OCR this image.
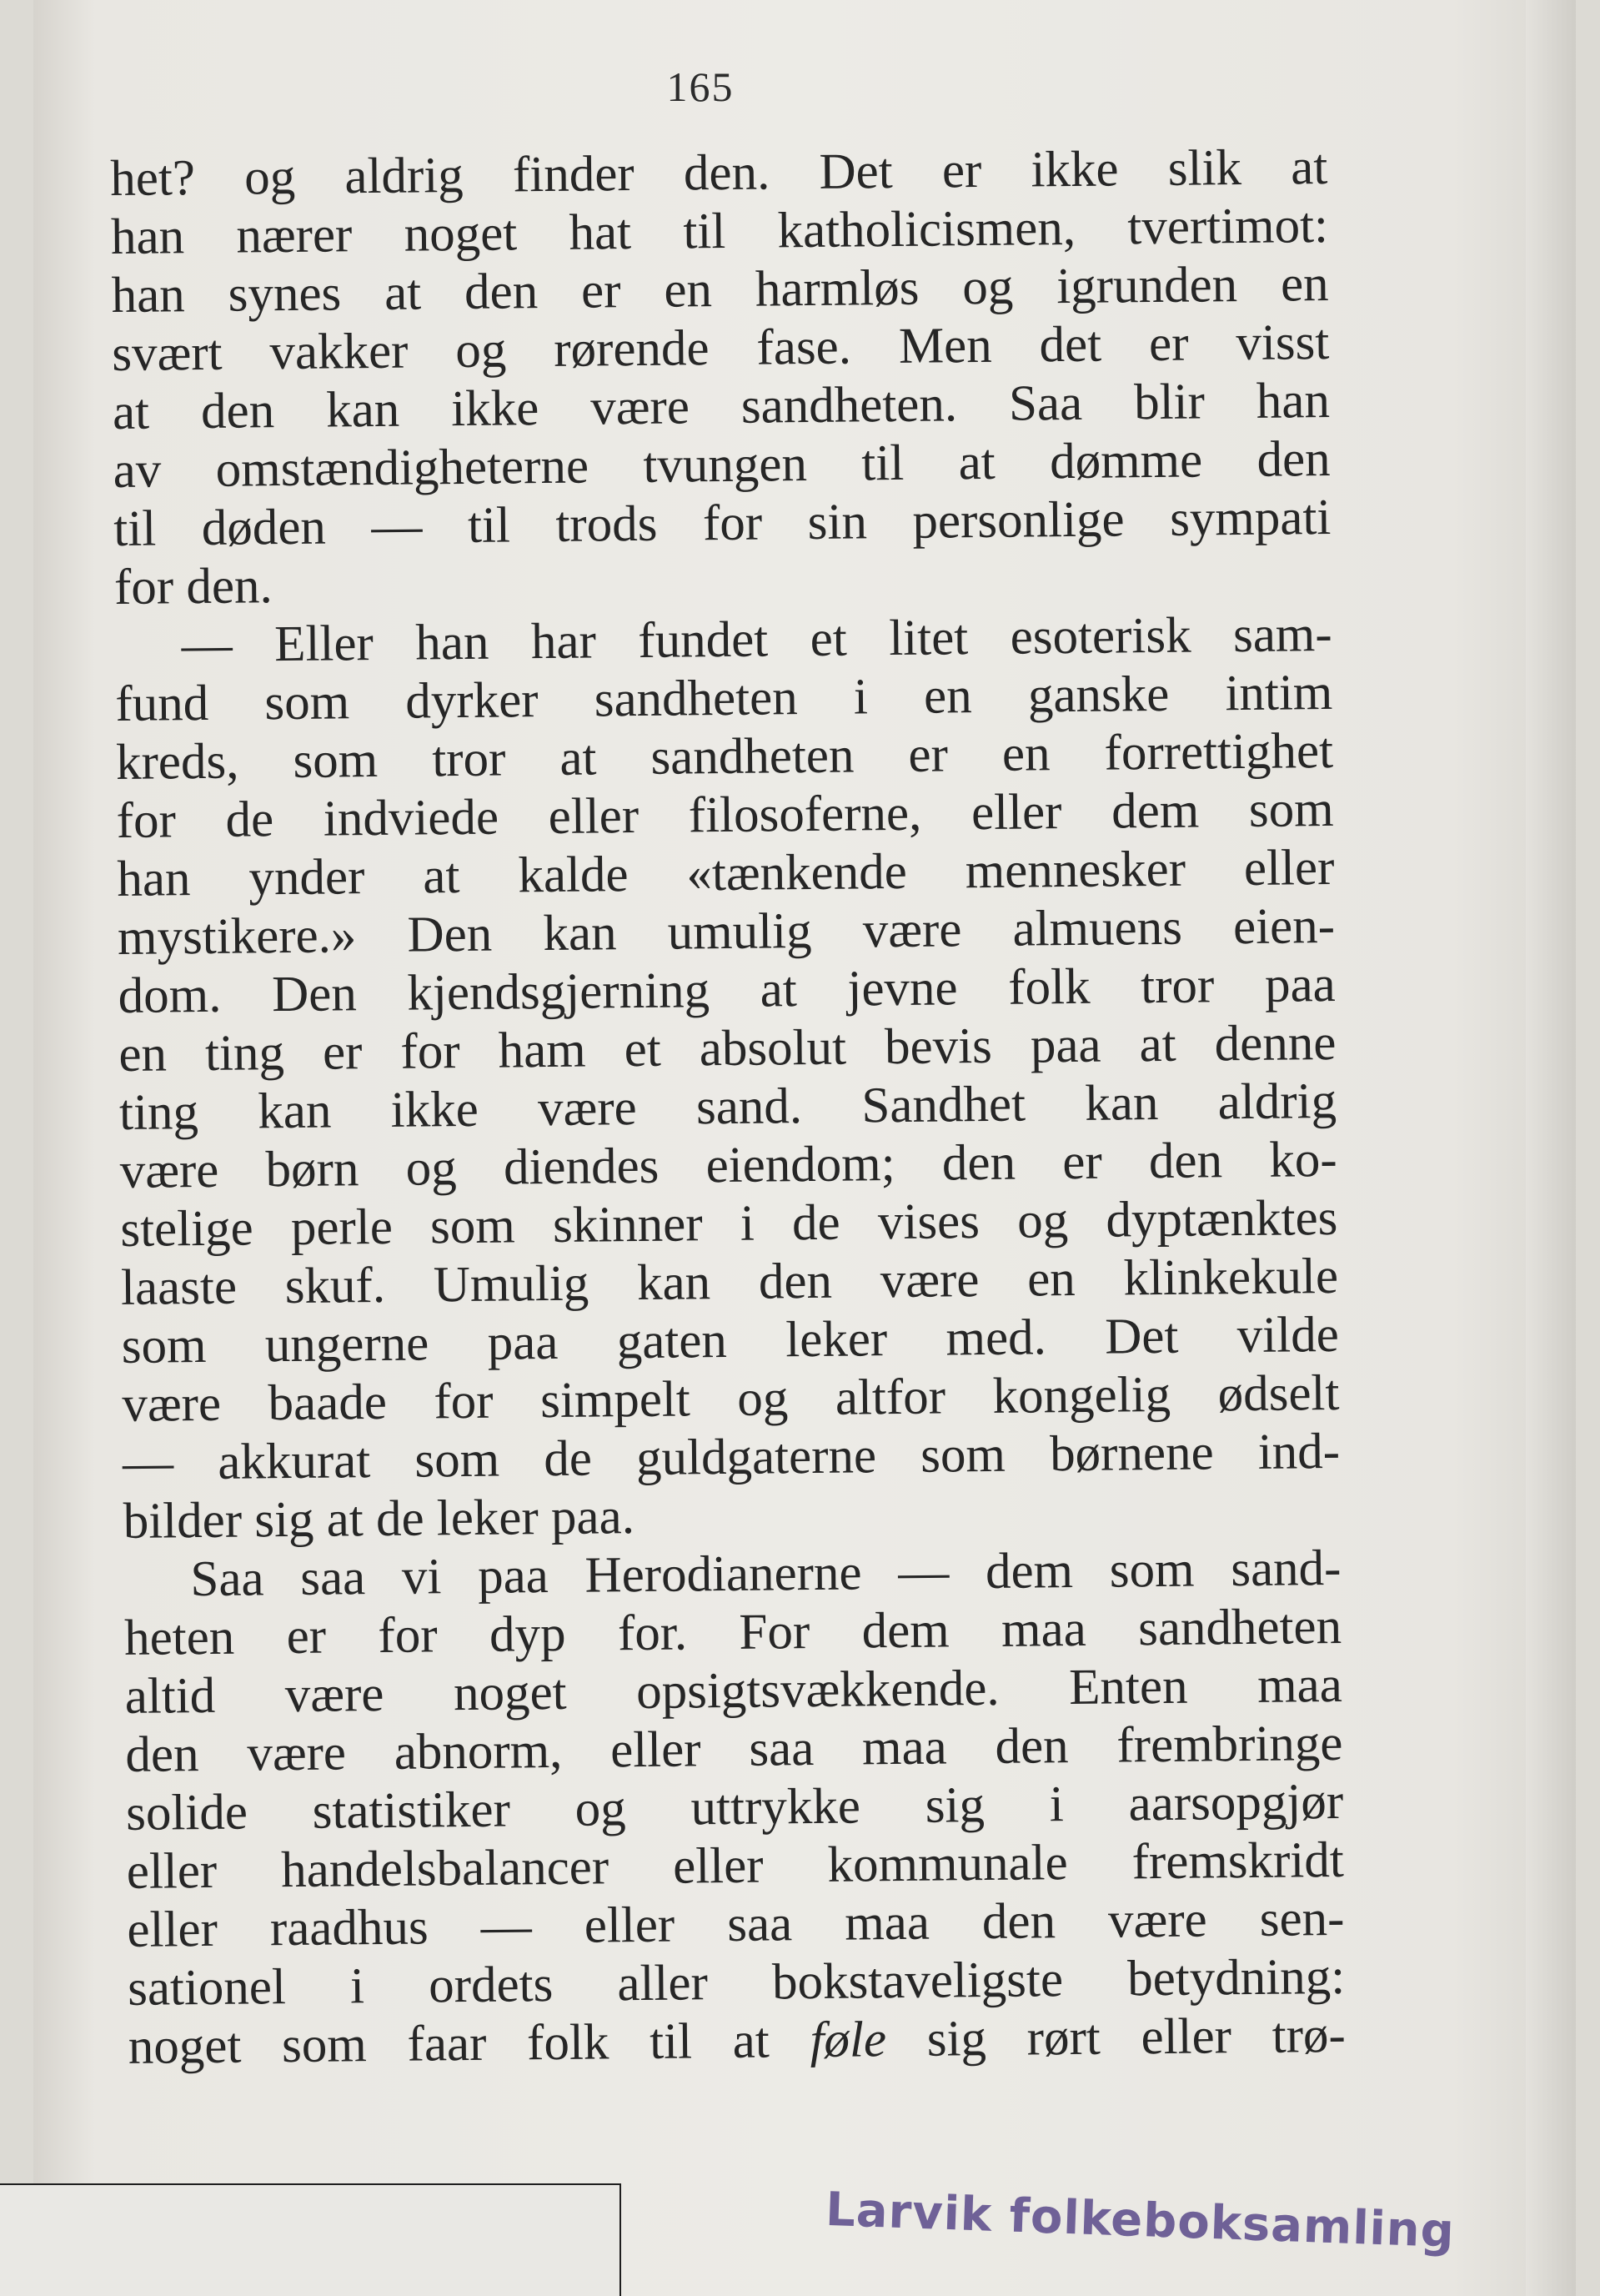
165
het? og aldrig finder den. Det er ikke slik at
han nærer noget hat til katholicismen, tvertimot:
han synes at den er en harmløs og igrunden en
svært vakker og rørende fase. Men det er visst
at den kan ikke være sandheten. Saa blir han
av omstændigheterne tvungen til at dømme den
til døden — til trods for sin personlige sympati
for den.
— Eller han har fundet et litet esoterisk sam-
fund som dyrker sandheten i en ganske intim
kreds, som tror at sandheten er en forrettighet
for de indviede eller filosoferne, eller dem som
han ynder at kalde «tænkende mennesker eller
mystikere.» Den kan umulig være almuens eien-
dom. Den kjendsgjerning at jevne folk tror paa
en ting er for ham et absolut bevis paa at denne
ting kan ikke være sand. Sandhet kan aldrig
være børn og diendes eiendom; den er den ko-
stelige perle som skinner i de vises og dyptænktes
laaste skuf. Umulig kan den være en klinkekule
som ungerne paa gaten leker med. Det vilde
være baade for simpelt og altfor kongelig ødselt
— akkurat som de guldgaterne som børnene ind-
bilder sig at de leker paa.
Saa saa vi paa Herodianerne — dem som sand-
heten er for dyp for. For dem maa sandheten
altid være noget opsigtsvækkende. Enten maa
den være abnorm, eller saa maa den frembringe
solide statistiker og uttrykke sig i aarsopgjør
eller handelsbalancer eller kommunale fremskridt
eller raadhus — eller saa maa den være sen-
sationel i ordets aller bokstaveligste betydning:
noget som faar folk til at føle sig rørt eller trø-
Larvik folkeboksamling
